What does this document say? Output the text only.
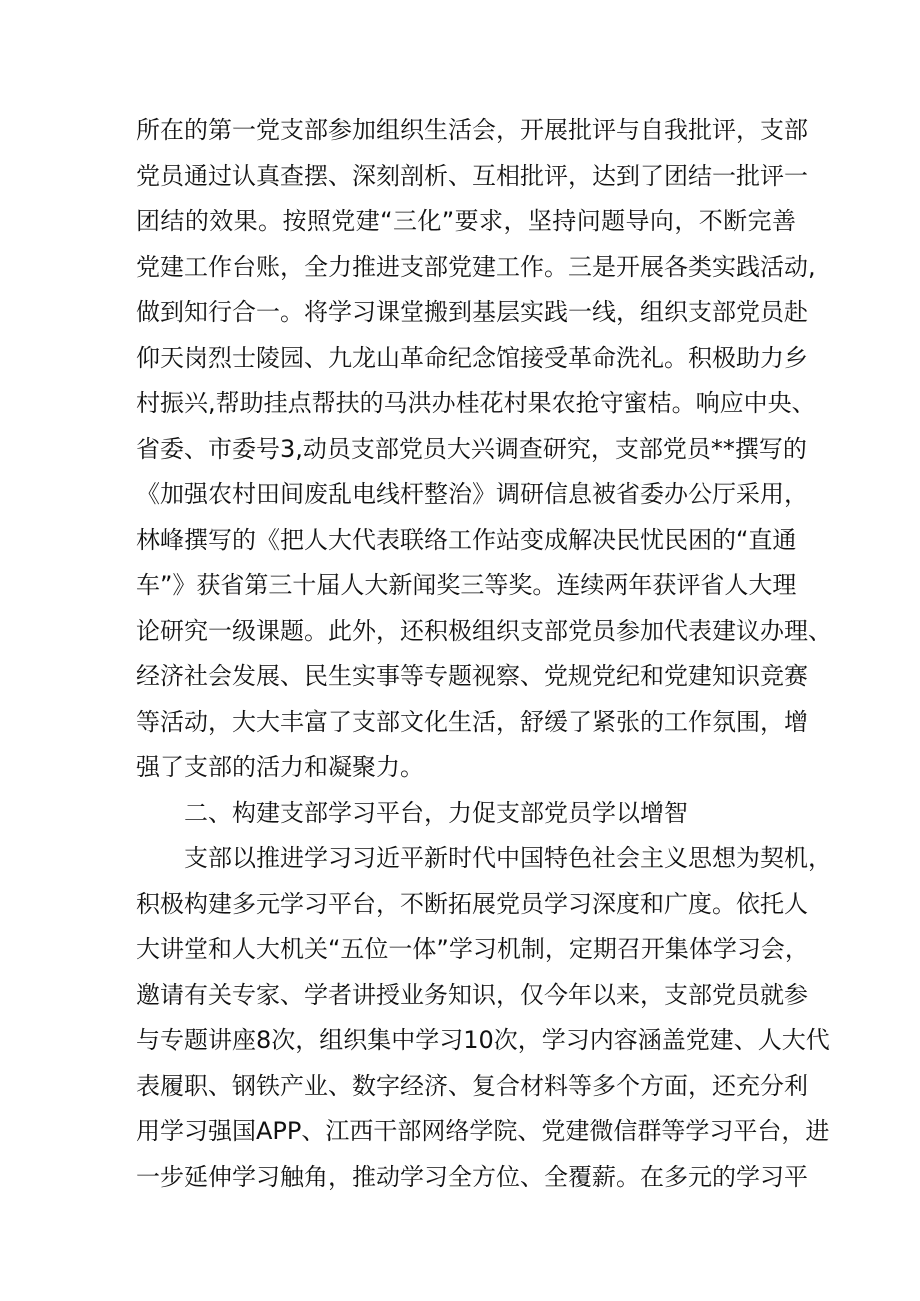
所在的第一党支部参加组织生活会，开展批评与自我批评，支部
党员通过认真查摆、深刻剖析、互相批评，达到了团结一批评一
团结的效果。按照党建“三化”要求，坚持问题导向，不断完善
党建工作台账，全力推进支部党建工作。三是开展各类实践活动,
做到知行合一。将学习课堂搬到基层实践一线，组织支部党员赴
仰天岗烈士陵园、九龙山革命纪念馆接受革命洗礼。积极助力乡
村振兴,帮助挂点帮扶的马洪办桂花村果农抢守蜜桔。响应中央、
省委、市委号3,动员支部党员大兴调查研究，支部党员**撰写的
《加强农村田间废乱电线杆整治》调研信息被省委办公厅采用，
林峰撰写的《把人大代表联络工作站变成解决民忧民困的“直通
车”》获省第三十届人大新闻奖三等奖。连续两年获评省人大理
论研究一级课题。此外，还积极组织支部党员参加代表建议办理、
经济社会发展、民生实事等专题视察、党规党纪和党建知识竞赛
等活动，大大丰富了支部文化生活，舒缓了紧张的工作氛围，增
强了支部的活力和凝聚力。
二、构建支部学习平台，力促支部党员学以增智
支部以推进学习习近平新时代中国特色社会主义思想为契机，
积极构建多元学习平台，不断拓展党员学习深度和广度。依托人
大讲堂和人大机关“五位一体”学习机制，定期召开集体学习会，
邀请有关专家、学者讲授业务知识，仅今年以来，支部党员就参
与专题讲座8次，组织集中学习10次，学习内容涵盖党建、人大代
表履职、钢铁产业、数字经济、复合材料等多个方面，还充分利
用学习强国APP、江西干部网络学院、党建微信群等学习平台，进
一步延伸学习触角，推动学习全方位、全覆薪。在多元的学习平
